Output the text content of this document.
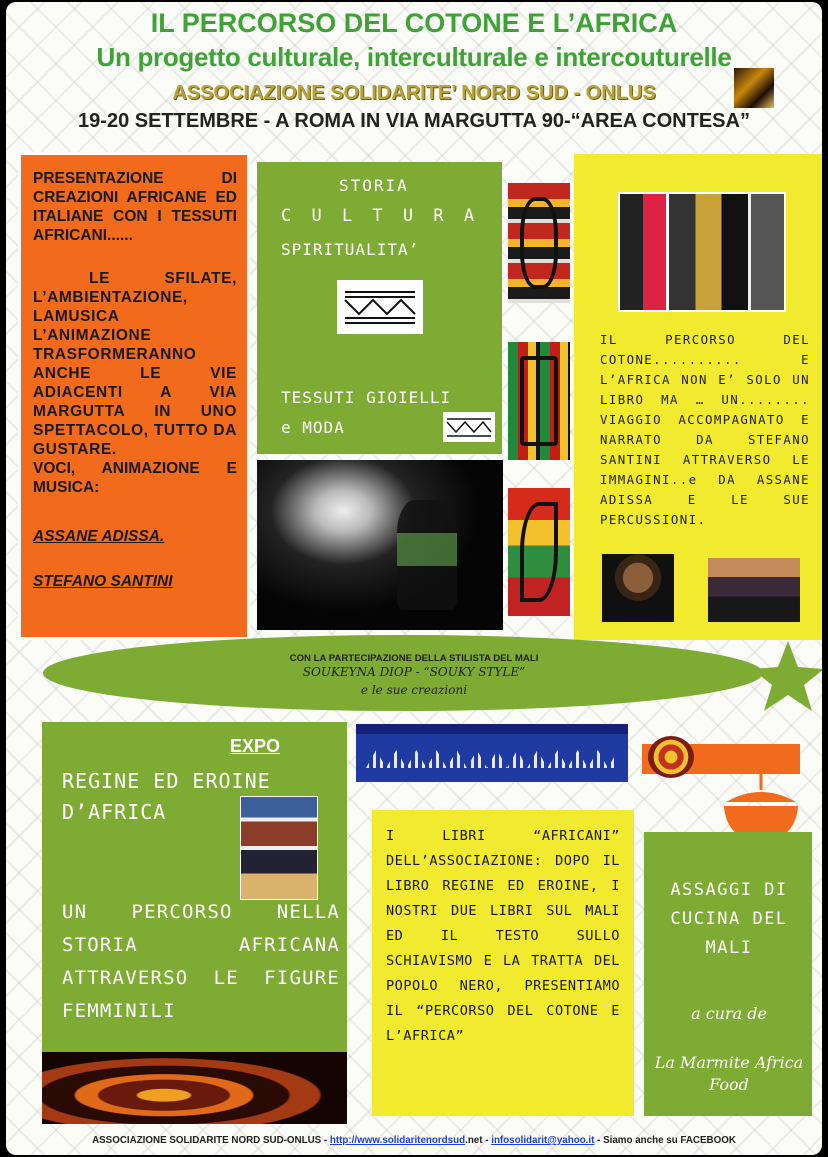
IL PERCORSO DEL COTONE E L’AFRICA
Un progetto culturale, interculturale e intercouturelle
ASSOCIAZIONE SOLIDARITE’ NORD SUD - ONLUS
19-20 SETTEMBRE - A ROMA IN VIA MARGUTTA 90-“AREA CONTESA”

PRESENTAZIONE DI CREAZIONI AFRICANE ED ITALIANE CON I TESSUTI AFRICANI......

LE SFILATE, L’AMBIENTAZIONE, LAMUSICA L’ANIMAZIONE TRASFORMERANNO ANCHE LE VIE ADIACENTI A VIA MARGUTTA IN UNO SPETTACOLO, TUTTO DA GUSTARE.

VOCI, ANIMAZIONE E MUSICA:

ASSANE ADISSA.

STEFANO SANTINI

STORIA
C U L T U R A
SPIRITUALITA’
TESSUTI GIOIELLI
e MODA
IL PERCORSO DEL COTONE.......... E L’AFRICA NON E’ SOLO UN LIBRO MA … UN........ VIAGGIO ACCOMPAGNATO E NARRATO DA STEFANO SANTINI ATTRAVERSO LE IMMAGINI..e DA ASSANE ADISSA E LE SUE PERCUSSIONI.
CON LA PARTECIPAZIONE DELLA STILISTA DEL MALI
SOUKEYNA DIOP - “SOUKY STYLE”
e le sue creazioni
EXPO
REGINE ED EROINE D’AFRICA
UN PERCORSO NELLA STORIA AFRICANA ATTRAVERSO LE FIGURE FEMMINILI
I LIBRI “AFRICANI” DELL’ASSOCIAZIONE: DOPO IL LIBRO REGINE ED EROINE, I NOSTRI DUE LIBRI SUL MALI ED IL TESTO SULLO SCHIAVISMO E LA TRATTA DEL POPOLO NERO, PRESENTIAMO IL “PERCORSO DEL COTONE E L’AFRICA”
ASSAGGI DI CUCINA DEL MALI
a cura de
La Marmite Africa Food
ASSOCIAZIONE SOLIDARITE NORD SUD-ONLUS - http://www.solidaritenordsud.net - infosolidarit@yahoo.it - Siamo anche su FACEBOOK
